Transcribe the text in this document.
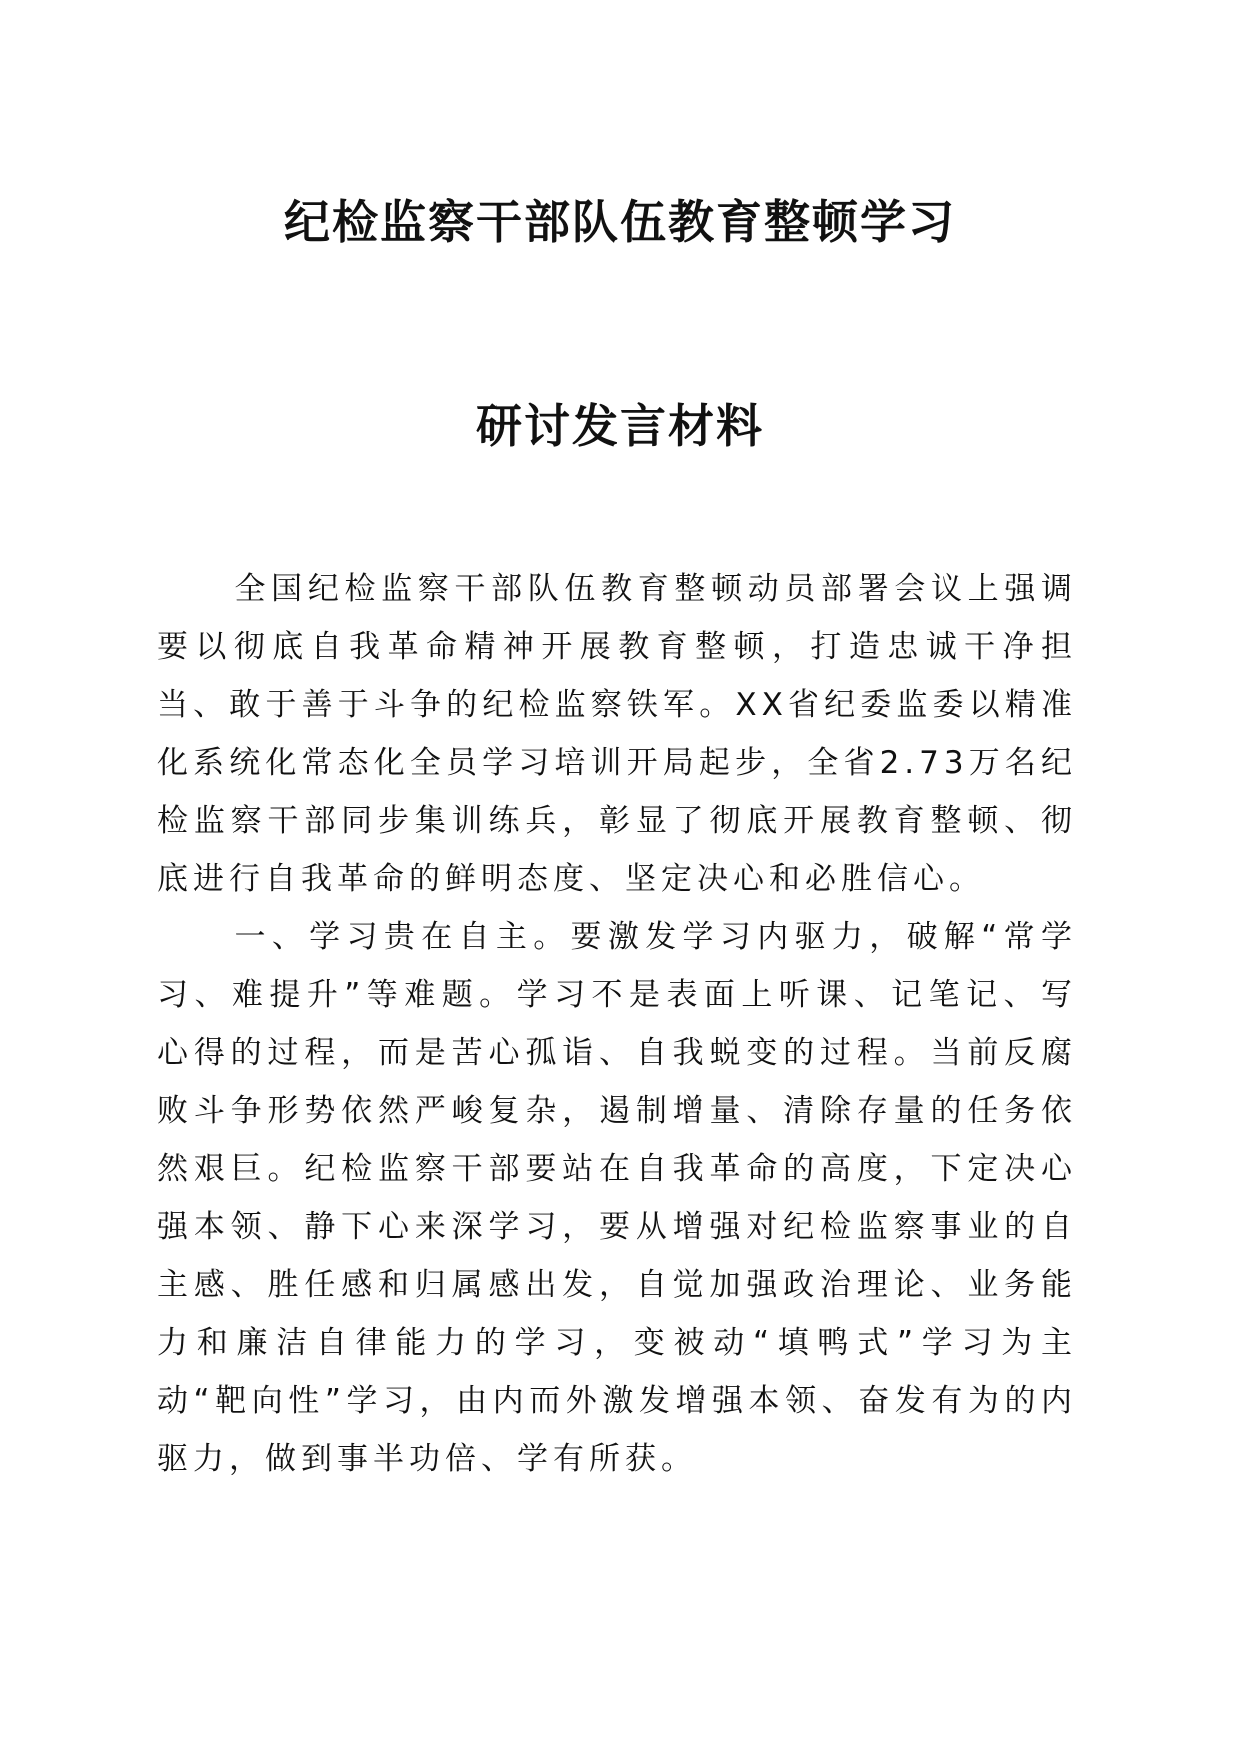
纪检监察干部队伍教育整顿学习
研讨发言材料

全国纪检监察干部队伍教育整顿动员部署会议上强调要以彻底自我革命精神开展教育整顿，打造忠诚干净担当、敢于善于斗争的纪检监察铁军。XX省纪委监委以精准化系统化常态化全员学习培训开局起步，全省2.73万名纪检监察干部同步集训练兵，彰显了彻底开展教育整顿、彻底进行自我革命的鲜明态度、坚定决心和必胜信心。

一、学习贵在自主。要激发学习内驱力，破解“常学习、难提升”等难题。学习不是表面上听课、记笔记、写心得的过程，而是苦心孤诣、自我蜕变的过程。当前反腐败斗争形势依然严峻复杂，遏制增量、清除存量的任务依然艰巨。纪检监察干部要站在自我革命的高度，下定决心强本领、静下心来深学习，要从增强对纪检监察事业的自主感、胜任感和归属感出发，自觉加强政治理论、业务能力和廉洁自律能力的学习，变被动“填鸭式”学习为主动“靶向性”学习，由内而外激发增强本领、奋发有为的内驱力，做到事半功倍、学有所获。
